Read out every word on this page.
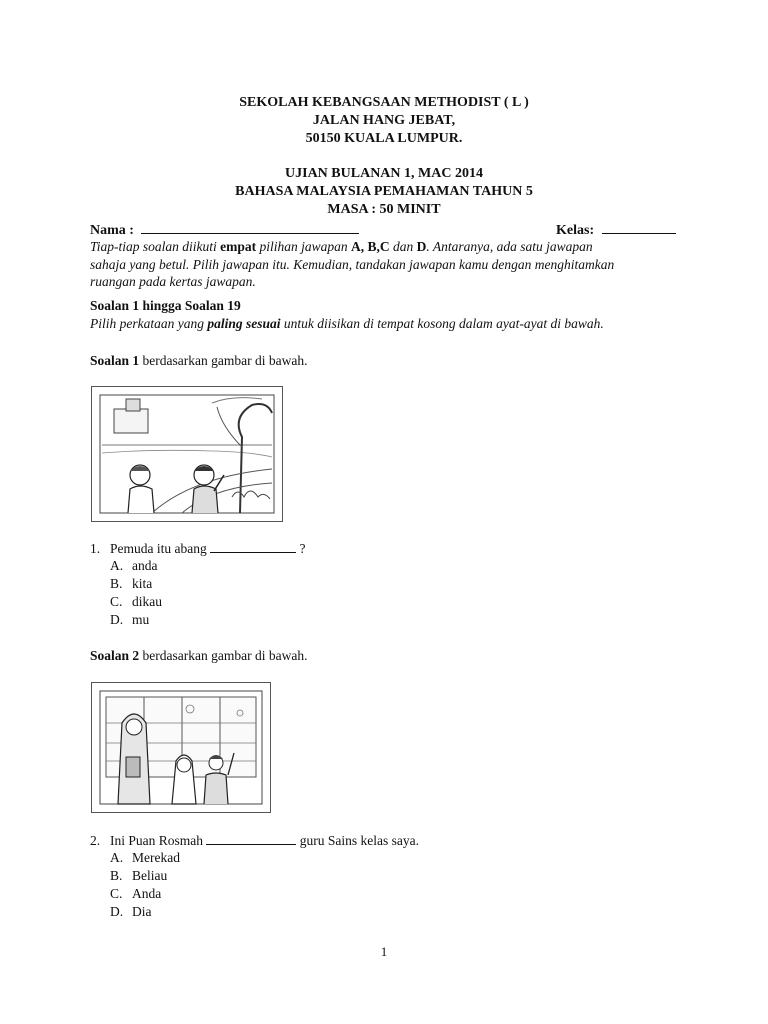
SEKOLAH KEBANGSAAN METHODIST ( L )
JALAN HANG JEBAT,
50150 KUALA LUMPUR.
UJIAN BULANAN 1, MAC 2014
BAHASA MALAYSIA PEMAHAMAN TAHUN 5
MASA : 50 MINIT
Nama :	Kelas:
Tiap-tiap soalan diikuti empat pilihan jawapan A, B,C dan D. Antaranya, ada satu jawapan
sahaja yang betul. Pilih jawapan itu. Kemudian, tandakan jawapan kamu dengan menghitamkan
ruangan pada kertas jawapan.
Soalan 1 hingga Soalan 19
Pilih perkataan yang paling sesuai untuk diisikan di tempat kosong dalam ayat-ayat di bawah.
Soalan 1 berdasarkan gambar di bawah.
1. Pemuda itu abang	?
A. anda
B. kita
C. dikau
D. mu
Soalan 2 berdasarkan gambar di bawah.
2. Ini Puan Rosmah	guru Sains kelas saya.
A. Merekad
B. Beliau
C. Anda
D. Dia
1
